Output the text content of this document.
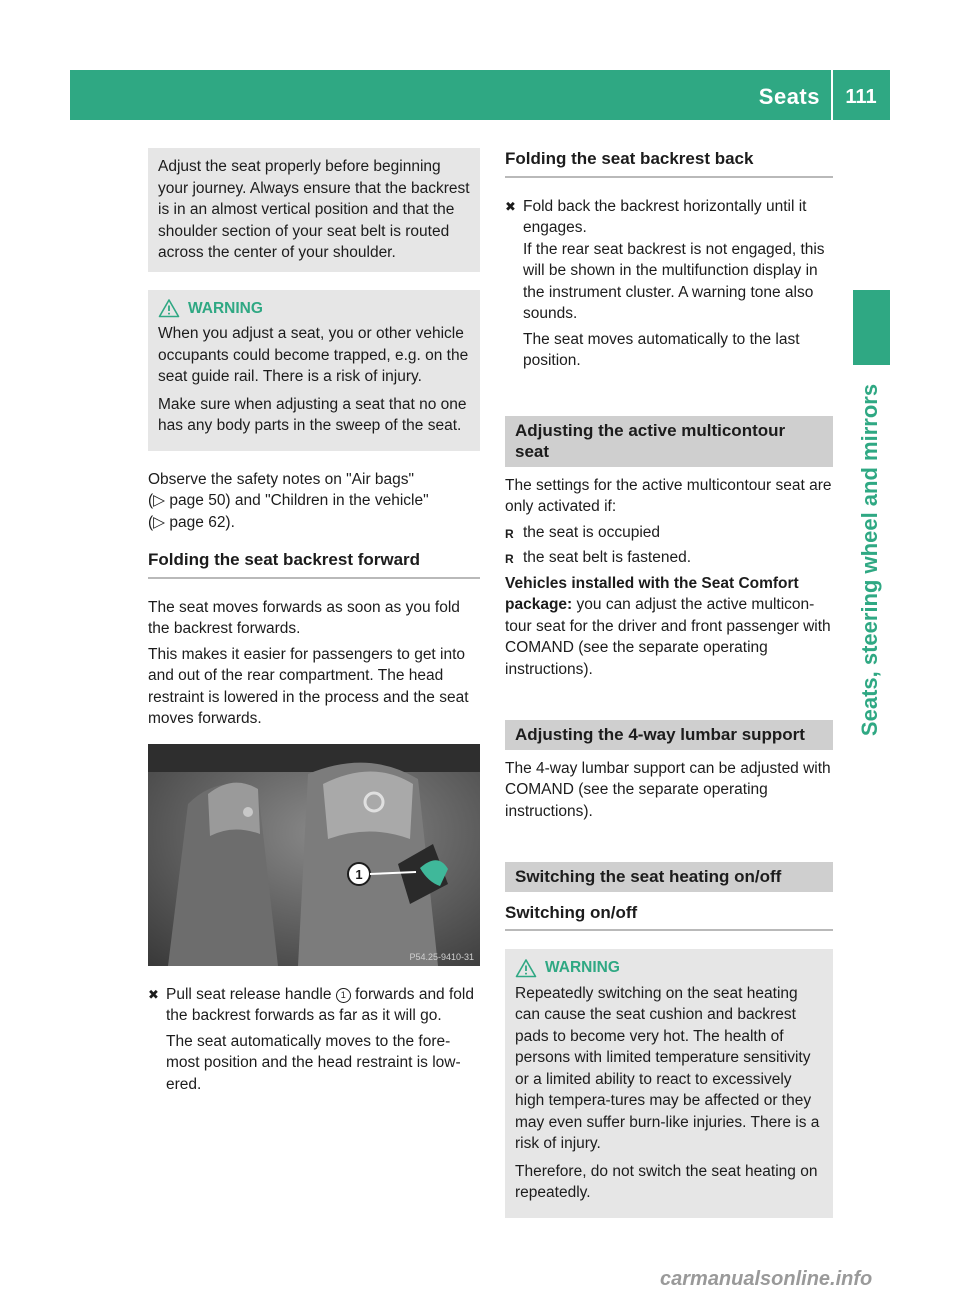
Seats	111
Seats, steering wheel and mirrors

Adjust the seat properly before beginning your journey. Always ensure that the backrest is in an almost vertical position and that the shoulder section of your seat belt is routed across the center of your shoulder.

WARNING

When you adjust a seat, you or other vehicle occupants could become trapped, e.g. on the seat guide rail. There is a risk of injury.

Make sure when adjusting a seat that no one has any body parts in the sweep of the seat.

Observe the safety notes on "Air bags"
(▷ page 50) and "Children in the vehicle"
(▷ page 62).

Folding the seat backrest forward

The seat moves forwards as soon as you fold the backrest forwards.

This makes it easier for passengers to get into and out of the rear compartment. The head restraint is lowered in the process and the seat moves forwards.

1
P54.25-9410-31
✖ Pull seat release handle 1 forwards and fold the backrest forwards as far as it will go.

The seat automatically moves to the fore-most position and the head restraint is low-ered.

Folding the seat backrest back
✖ Fold back the backrest horizontally until it engages.

If the rear seat backrest is not engaged, this will be shown in the multifunction display in the instrument cluster. A warning tone also sounds.

The seat moves automatically to the last position.

Adjusting the active multicontour seat

The settings for the active multicontour seat are only activated if:

R the seat is occupied
R the seat belt is fastened.

Vehicles installed with the Seat Comfort package: you can adjust the active multicon-tour seat for the driver and front passenger with COMAND (see the separate operating instructions).

Adjusting the 4-way lumbar support

The 4-way lumbar support can be adjusted with COMAND (see the separate operating instructions).

Switching the seat heating on/off
Switching on/off
WARNING

Repeatedly switching on the seat heating can cause the seat cushion and backrest pads to become very hot. The health of persons with limited temperature sensitivity or a limited ability to react to excessively high tempera-tures may be affected or they may even suffer burn-like injuries. There is a risk of injury.

Therefore, do not switch the seat heating on repeatedly.

carmanualsonline.info
